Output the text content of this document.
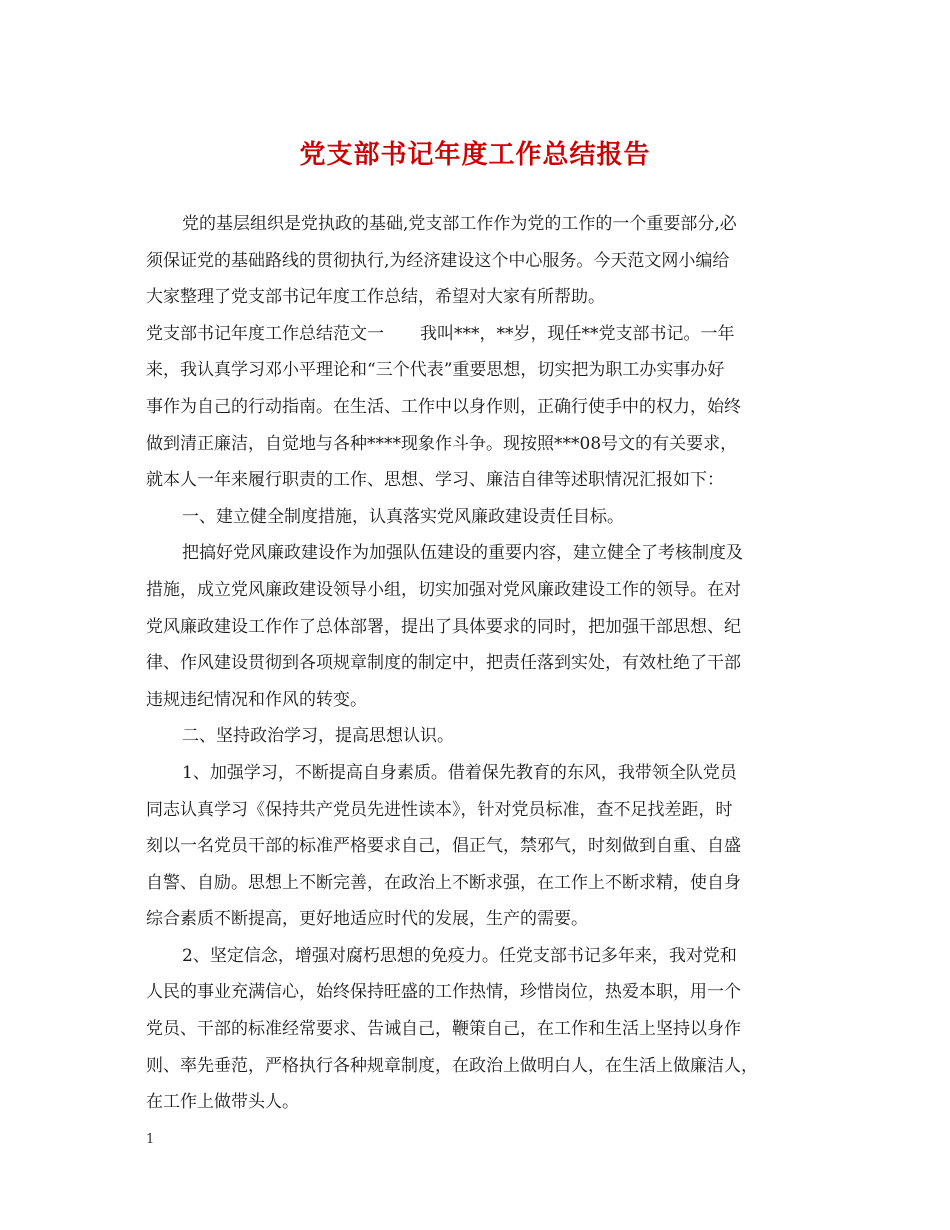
党支部书记年度工作总结报告
党的基层组织是党执政的基础,党支部工作作为党的工作的一个重要部分,必
须保证党的基础路线的贯彻执行,为经济建设这个中心服务。今天范文网小编给
大家整理了党支部书记年度工作总结，希望对大家有所帮助。
党支部书记年度工作总结范文一 我叫***，**岁，现任**党支部书记。一年
来，我认真学习邓小平理论和“三个代表”重要思想，切实把为职工办实事办好
事作为自己的行动指南。在生活、工作中以身作则，正确行使手中的权力，始终
做到清正廉洁，自觉地与各种****现象作斗争。现按照***08号文的有关要求，
就本人一年来履行职责的工作、思想、学习、廉洁自律等述职情况汇报如下：
一、建立健全制度措施，认真落实党风廉政建设责任目标。
把搞好党风廉政建设作为加强队伍建设的重要内容，建立健全了考核制度及
措施，成立党风廉政建设领导小组，切实加强对党风廉政建设工作的领导。在对
党风廉政建设工作作了总体部署，提出了具体要求的同时，把加强干部思想、纪
律、作风建设贯彻到各项规章制度的制定中，把责任落到实处，有效杜绝了干部
违规违纪情况和作风的转变。
二、坚持政治学习，提高思想认识。
1、加强学习，不断提高自身素质。借着保先教育的东风，我带领全队党员
同志认真学习《保持共产党员先进性读本》，针对党员标准，查不足找差距，时
刻以一名党员干部的标准严格要求自己，倡正气，禁邪气，时刻做到自重、自盛
自警、自励。思想上不断完善，在政治上不断求强，在工作上不断求精，使自身
综合素质不断提高，更好地适应时代的发展，生产的需要。
2、坚定信念，增强对腐朽思想的免疫力。任党支部书记多年来，我对党和
人民的事业充满信心，始终保持旺盛的工作热情，珍惜岗位，热爱本职，用一个
党员、干部的标准经常要求、告诫自己，鞭策自己，在工作和生活上坚持以身作
则、率先垂范，严格执行各种规章制度，在政治上做明白人，在生活上做廉洁人，
在工作上做带头人。
1
